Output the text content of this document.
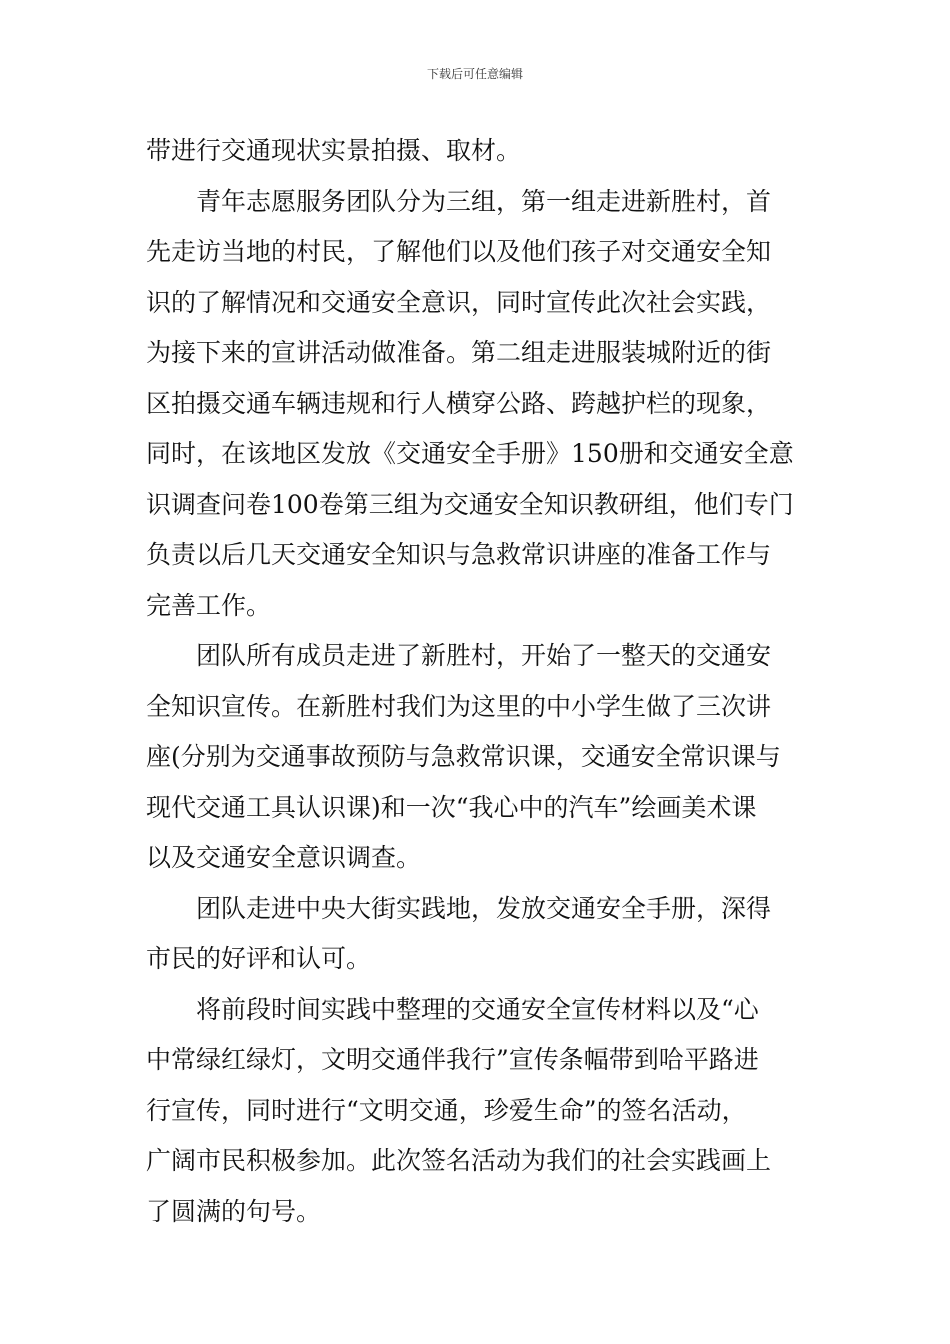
下载后可任意编辑
带进行交通现状实景拍摄、取材。
青年志愿服务团队分为三组，第一组走进新胜村，首
先走访当地的村民，了解他们以及他们孩子对交通安全知
识的了解情况和交通安全意识，同时宣传此次社会实践，
为接下来的宣讲活动做准备。第二组走进服装城附近的街
区拍摄交通车辆违规和行人横穿公路、跨越护栏的现象，
同时，在该地区发放《交通安全手册》150册和交通安全意
识调查问卷100卷第三组为交通安全知识教研组，他们专门
负责以后几天交通安全知识与急救常识讲座的准备工作与
完善工作。
团队所有成员走进了新胜村，开始了一整天的交通安
全知识宣传。在新胜村我们为这里的中小学生做了三次讲
座(分别为交通事故预防与急救常识课，交通安全常识课与
现代交通工具认识课)和一次“我心中的汽车”绘画美术课
以及交通安全意识调查。
团队走进中央大街实践地，发放交通安全手册，深得
市民的好评和认可。
将前段时间实践中整理的交通安全宣传材料以及“心
中常绿红绿灯，文明交通伴我行”宣传条幅带到哈平路进
行宣传，同时进行“文明交通，珍爱生命”的签名活动，
广阔市民积极参加。此次签名活动为我们的社会实践画上
了圆满的句号。
